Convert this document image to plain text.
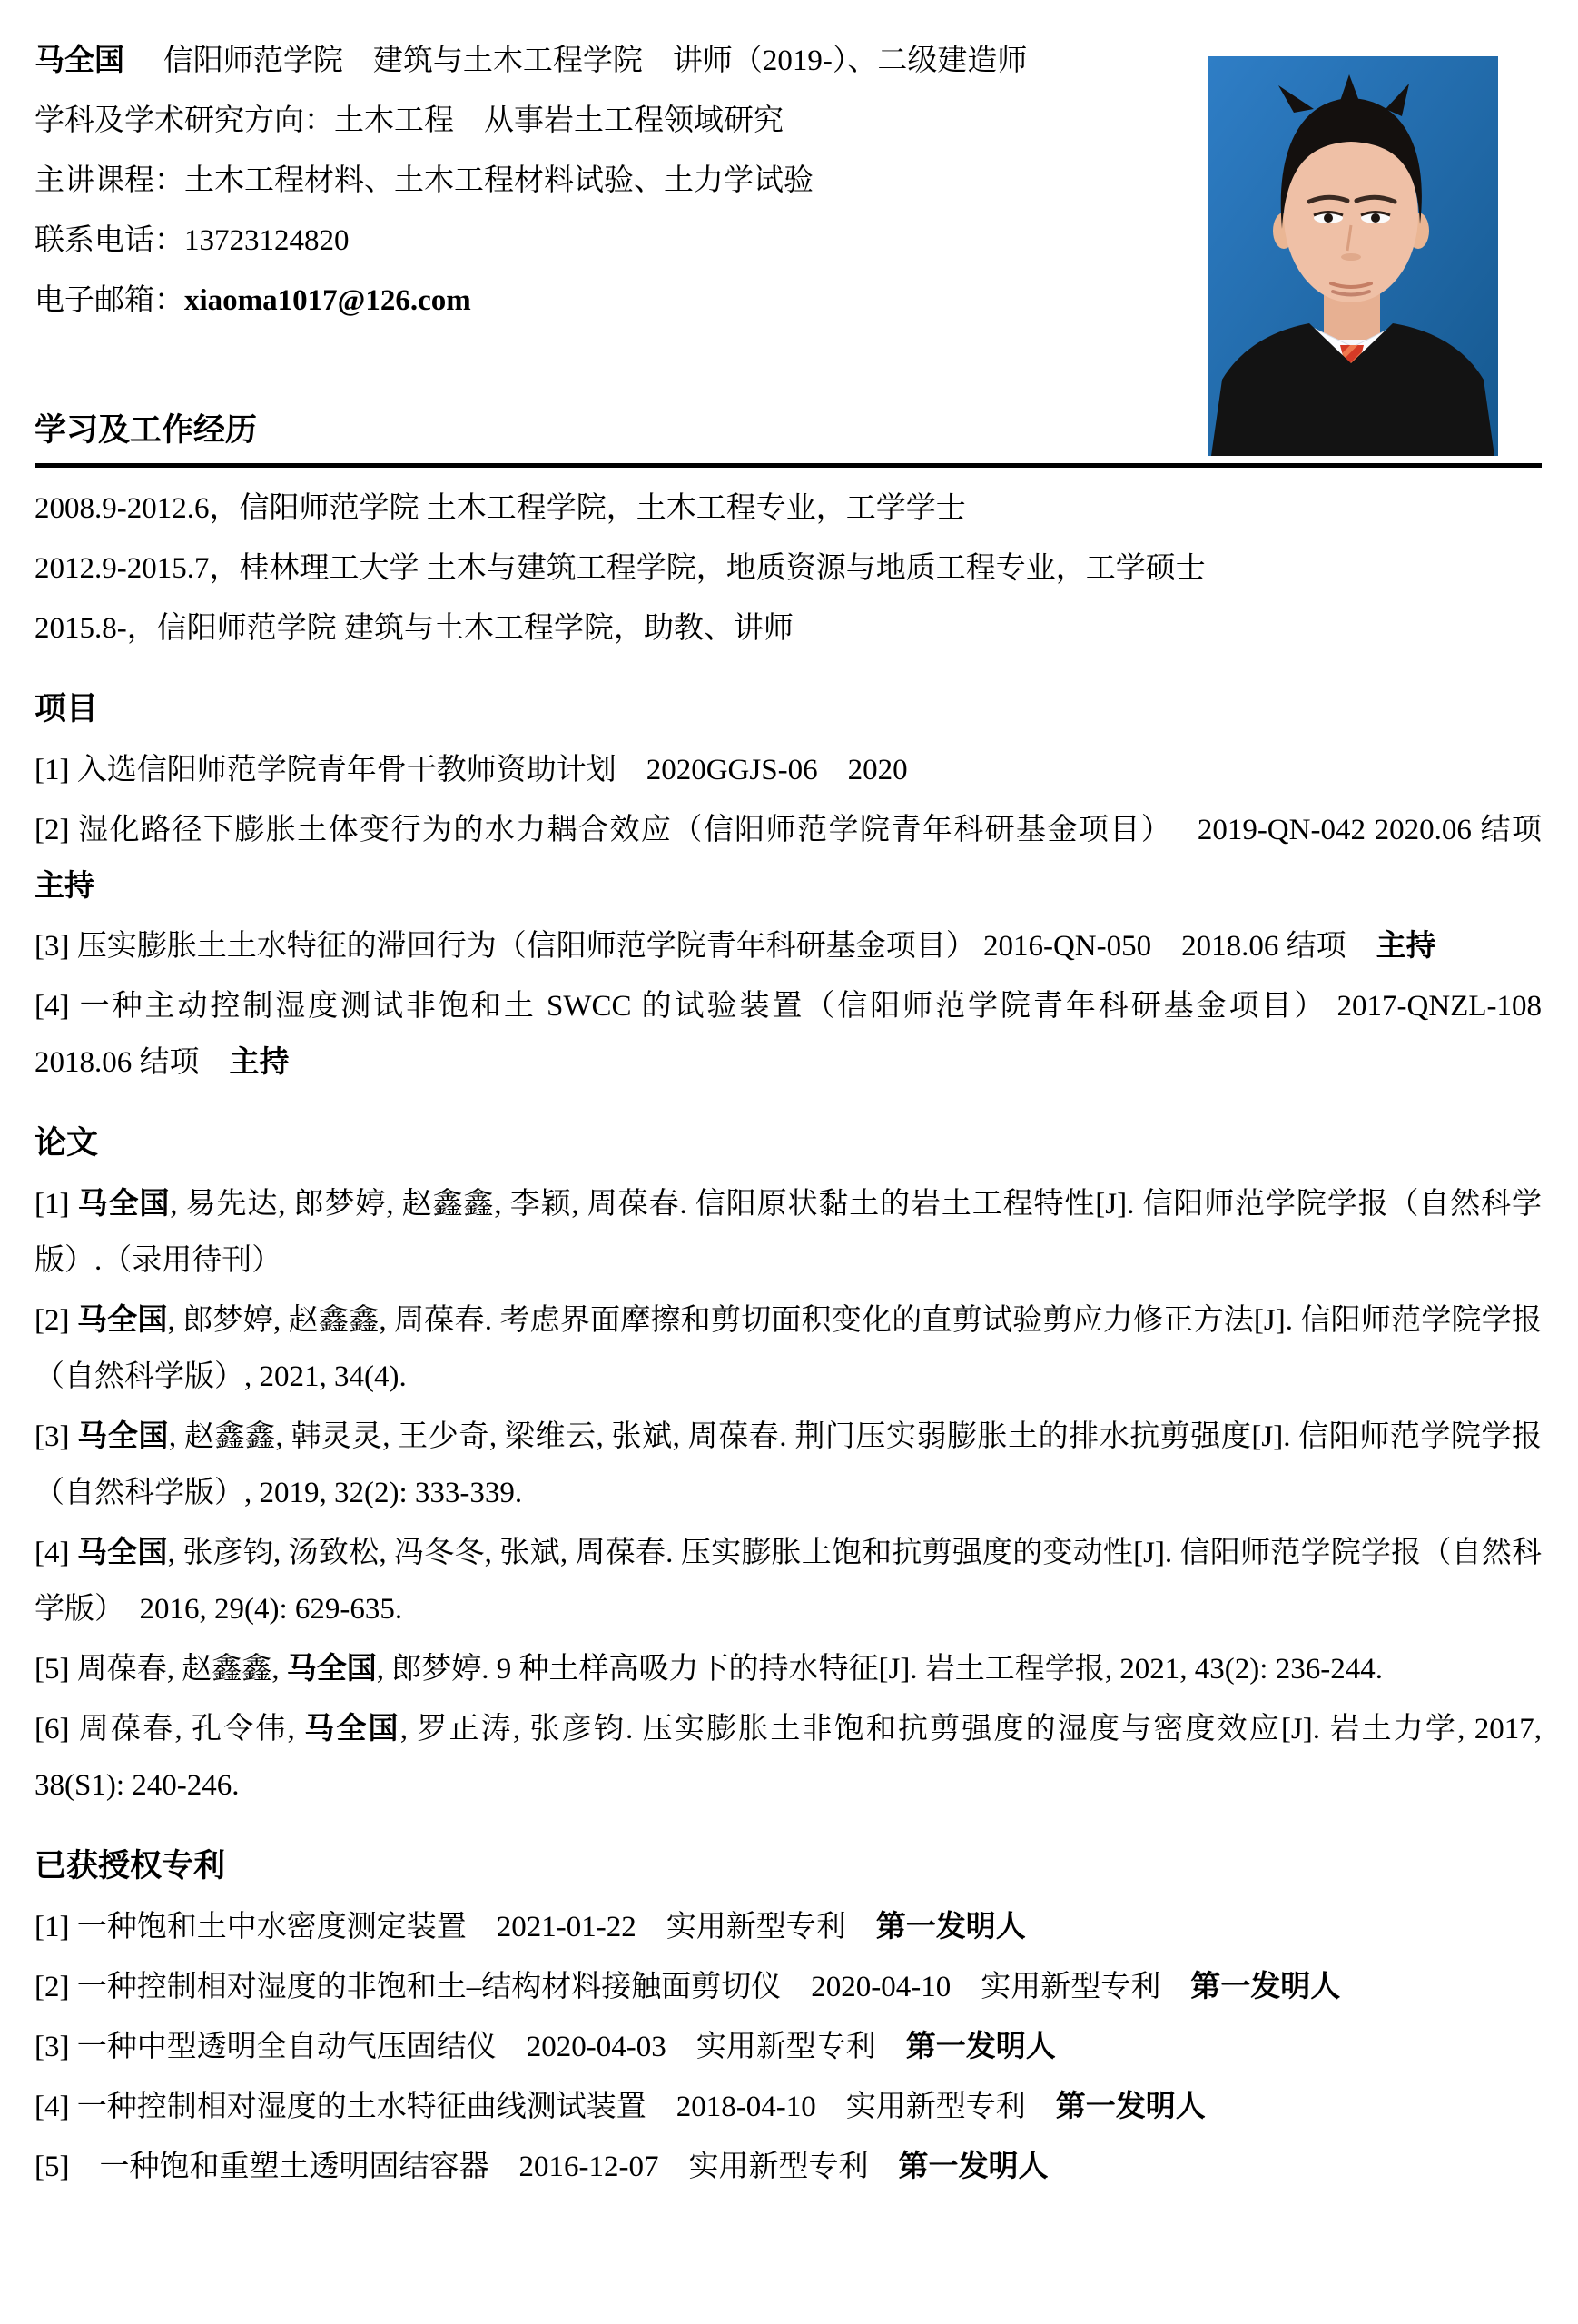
马全国 信阳师范学院　建筑与土木工程学院　讲师（2019-）、二级建造师
学科及学术研究方向：土木工程　从事岩土工程领域研究
主讲课程：土木工程材料、土木工程材料试验、土力学试验
联系电话：13723124820
电子邮箱：xiaoma1017@126.com
学习及工作经历

2008.9-2012.6，信阳师范学院 土木工程学院，土木工程专业，工学学士

2012.9-2015.7，桂林理工大学 土木与建筑工程学院，地质资源与地质工程专业，工学硕士

2015.8-，信阳师范学院 建筑与土木工程学院，助教、讲师

项目

[1] 入选信阳师范学院青年骨干教师资助计划　2020GGJS-06　2020

[2] 湿化路径下膨胀土体变行为的水力耦合效应（信阳师范学院青年科研基金项目）　 2019-QN-042 2020.06 结项　主持

[3] 压实膨胀土土水特征的滞回行为（信阳师范学院青年科研基金项目） 2016-QN-050　2018.06 结项　主持

[4] 一种主动控制湿度测试非饱和土 SWCC 的试验装置（信阳师范学院青年科研基金项目） 2017-QNZL-108　2018.06 结项　主持

论文

[1] 马全国, 易先达, 郎梦婷, 赵鑫鑫, 李颖, 周葆春. 信阳原状黏土的岩土工程特性[J]. 信阳师范学院学报（自然科学版）.（录用待刊）

[2] 马全国, 郎梦婷, 赵鑫鑫, 周葆春. 考虑界面摩擦和剪切面积变化的直剪试验剪应力修正方法[J]. 信阳师范学院学报（自然科学版）, 2021, 34(4).

[3] 马全国, 赵鑫鑫, 韩灵灵, 王少奇, 梁维云, 张斌, 周葆春. 荆门压实弱膨胀土的排水抗剪强度[J]. 信阳师范学院学报（自然科学版）, 2019, 32(2): 333-339.

[4] 马全国, 张彦钧, 汤致松, 冯冬冬, 张斌, 周葆春. 压实膨胀土饱和抗剪强度的变动性[J]. 信阳师范学院学报（自然科学版）　2016, 29(4): 629-635.

[5] 周葆春, 赵鑫鑫, 马全国, 郎梦婷. 9 种土样高吸力下的持水特征[J]. 岩土工程学报, 2021, 43(2): 236-244.

[6] 周葆春, 孔令伟, 马全国, 罗正涛, 张彦钧. 压实膨胀土非饱和抗剪强度的湿度与密度效应[J]. 岩土力学, 2017, 38(S1): 240-246.

已获授权专利

[1] 一种饱和土中水密度测定装置　2021-01-22　实用新型专利　第一发明人

[2] 一种控制相对湿度的非饱和土–结构材料接触面剪切仪　2020-04-10　实用新型专利　第一发明人

[3] 一种中型透明全自动气压固结仪　2020-04-03　实用新型专利　第一发明人

[4] 一种控制相对湿度的土水特征曲线测试装置　2018-04-10　实用新型专利　第一发明人

[5]　一种饱和重塑土透明固结容器　2016-12-07　实用新型专利　第一发明人
